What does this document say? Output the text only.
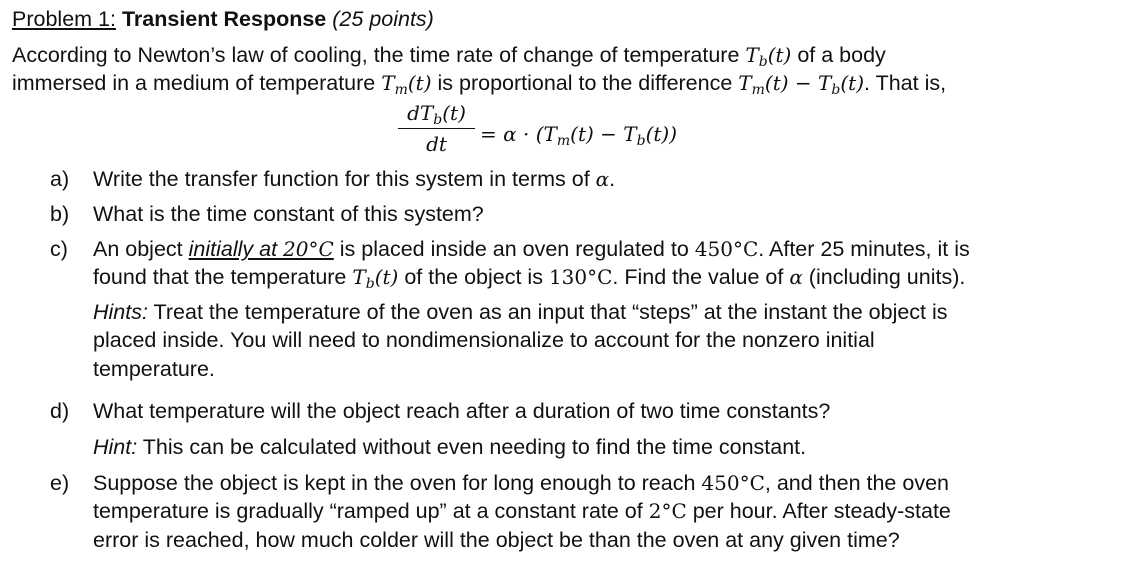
Problem 1: Transient Response (25 points)
According to Newton’s law of cooling, the time rate of change of temperature $T_b(t)$ of a body
immersed in a medium of temperature $T_m(t)$ is proportional to the difference $T_m(t) - T_b(t)$. That is,
$dT_b(t)$
dt	= $\alpha \cdot (T_m(t) - T_b(t))$
a)	Write the transfer function for this system in terms of α.
b)	What is the time constant of this system?
c)	An object initially at 20°C is placed inside an oven regulated to 450°C. After 25 minutes, it is
found that the temperature $T_b(t)$ of the object is 130°C. Find the value of α (including units).
Hints: Treat the temperature of the oven as an input that “steps” at the instant the object is
placed inside. You will need to nondimensionalize to account for the nonzero initial
temperature.
d)	What temperature will the object reach after a duration of two time constants?
Hint: This can be calculated without even needing to find the time constant.
e)	Suppose the object is kept in the oven for long enough to reach 450°C, and then the oven
temperature is gradually “ramped up” at a constant rate of 2°C per hour. After steady-state
error is reached, how much colder will the object be than the oven at any given time?
